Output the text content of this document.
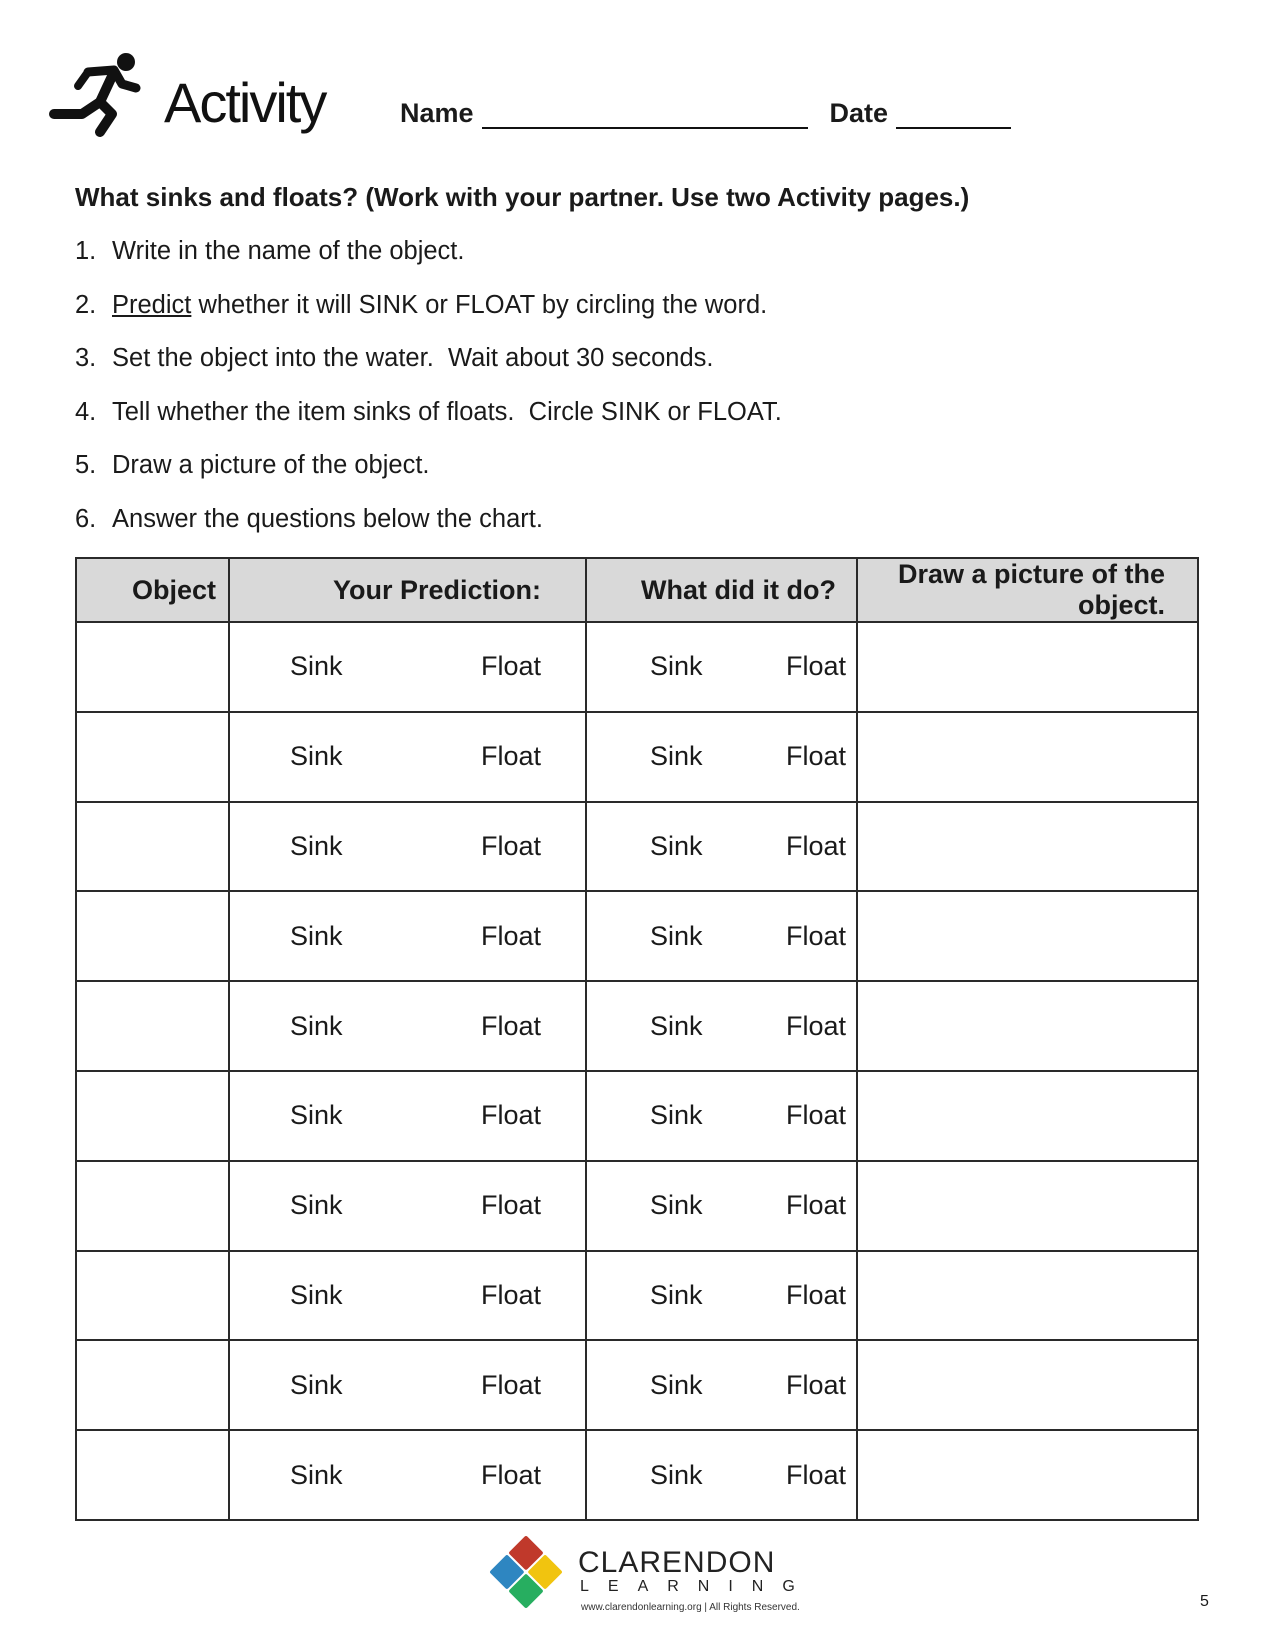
Activity	Name	Date
What sinks and floats? (Work with your partner. Use two Activity pages.)
1. Write in the name of the object.
2. Predict whether it will SINK or FLOAT by circling the word.
3. Set the object into the water.  Wait about 30 seconds.
4. Tell whether the item sinks of floats.  Circle SINK or FLOAT.
5. Draw a picture of the object.
6. Answer the questions below the chart.
Object	Your Prediction:	What did it do?	Draw a picture of the object.

	Sink Float	Sink Float	

	Sink Float	Sink Float	

	Sink Float	Sink Float	

	Sink Float	Sink Float	

	Sink Float	Sink Float	

	Sink Float	Sink Float	

	Sink Float	Sink Float	

	Sink Float	Sink Float	

	Sink Float	Sink Float	

	Sink Float	Sink Float	

CLARENDON
LEARNING
www.clarendonlearning.org | All Rights Reserved.	5
